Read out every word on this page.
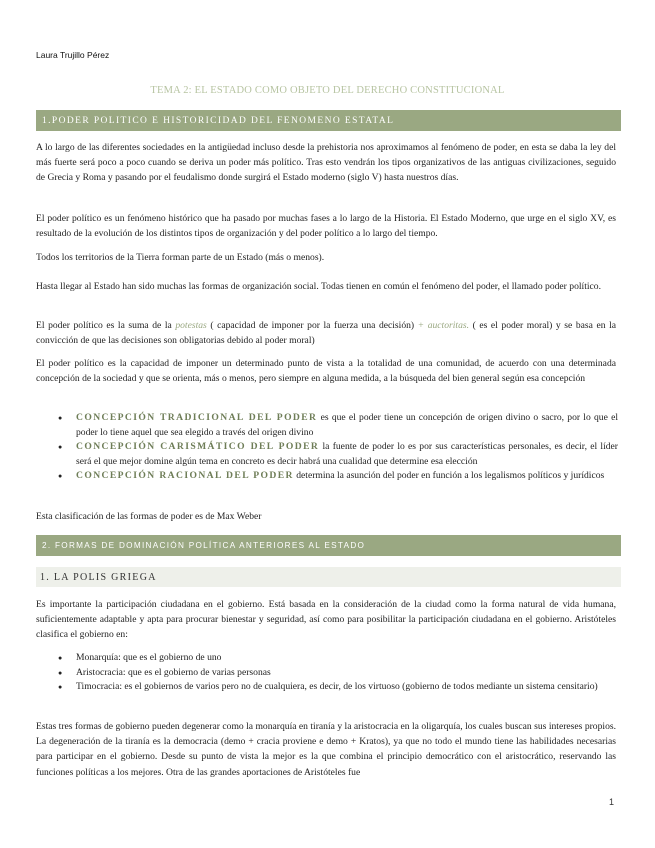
Laura Trujillo Pérez
TEMA 2: EL ESTADO COMO OBJETO DEL DERECHO CONSTITUCIONAL
1.PODER POLITICO E HISTORICIDAD DEL FENOMENO ESTATAL

A lo largo de las diferentes sociedades en la antigüedad incluso desde la prehistoria nos aproximamos al fenómeno de poder, en esta se daba la ley del más fuerte será poco a poco cuando se deriva un poder más político. Tras esto vendrán los tipos organizativos de las antiguas civilizaciones, seguido de Grecia y Roma y pasando por el feudalismo donde surgirá el Estado moderno (siglo V) hasta nuestros días.

El poder político es un fenómeno histórico que ha pasado por muchas fases a lo largo de la Historia. El Estado Moderno, que urge en el siglo XV, es resultado de la evolución de los distintos tipos de organización y del poder político a lo largo del tiempo.

Todos los territorios de la Tierra forman parte de un Estado (más o menos).

Hasta llegar al Estado han sido muchas las formas de organización social. Todas tienen en común el fenómeno del poder, el llamado poder político.

El poder político es la suma de la potestas ( capacidad de imponer por la fuerza una decisión) + auctoritas. ( es el poder moral) y se basa en la convicción de que las decisiones son obligatorias debido al poder moral)

El poder político es la capacidad de imponer un determinado punto de vista a la totalidad de una comunidad, de acuerdo con una determinada concepción de la sociedad y que se orienta, más o menos, pero siempre en alguna medida, a la búsqueda del bien general según esa concepción

● CONCEPCIÓN TRADICIONAL DEL PODER es que el poder tiene un concepción de origen divino o sacro, por lo que el poder lo tiene aquel que sea elegido a través del origen divino
● CONCEPCIÓN CARISMÁTICO DEL PODER la fuente de poder lo es por sus características personales, es decir, el líder será el que mejor domine algún tema en concreto es decir habrá una cualidad que determine esa elección
● CONCEPCIÓN RACIONAL DEL PODER determina la asunción del poder en función a los legalismos políticos y jurídicos

Esta clasificación de las formas de poder es de Max Weber

2. FORMAS DE DOMINACIÓN POLÍTICA ANTERIORES AL ESTADO
1. LA POLIS GRIEGA

Es importante la participación ciudadana en el gobierno. Está basada en la consideración de la ciudad como la forma natural de vida humana, suficientemente adaptable y apta para procurar bienestar y seguridad, así como para posibilitar la participación ciudadana en el gobierno. Aristóteles clasifica el gobierno en:

● Monarquía: que es el gobierno de uno
● Aristocracia: que es el gobierno de varias personas
● Timocracia: es el gobiernos de varios pero no de cualquiera, es decir, de los virtuoso (gobierno de todos mediante un sistema censitario)

Estas tres formas de gobierno pueden degenerar como la monarquía en tiranía y la aristocracia en la oligarquía, los cuales buscan sus intereses propios. La degeneración de la tiranía es la democracia (demo + cracia proviene e demo + Kratos), ya que no todo el mundo tiene las habilidades necesarias para participar en el gobierno. Desde su punto de vista la mejor es la que combina el principio democrático con el aristocrático, reservando las funciones políticas a los mejores. Otra de las grandes aportaciones de Aristóteles fue

1
